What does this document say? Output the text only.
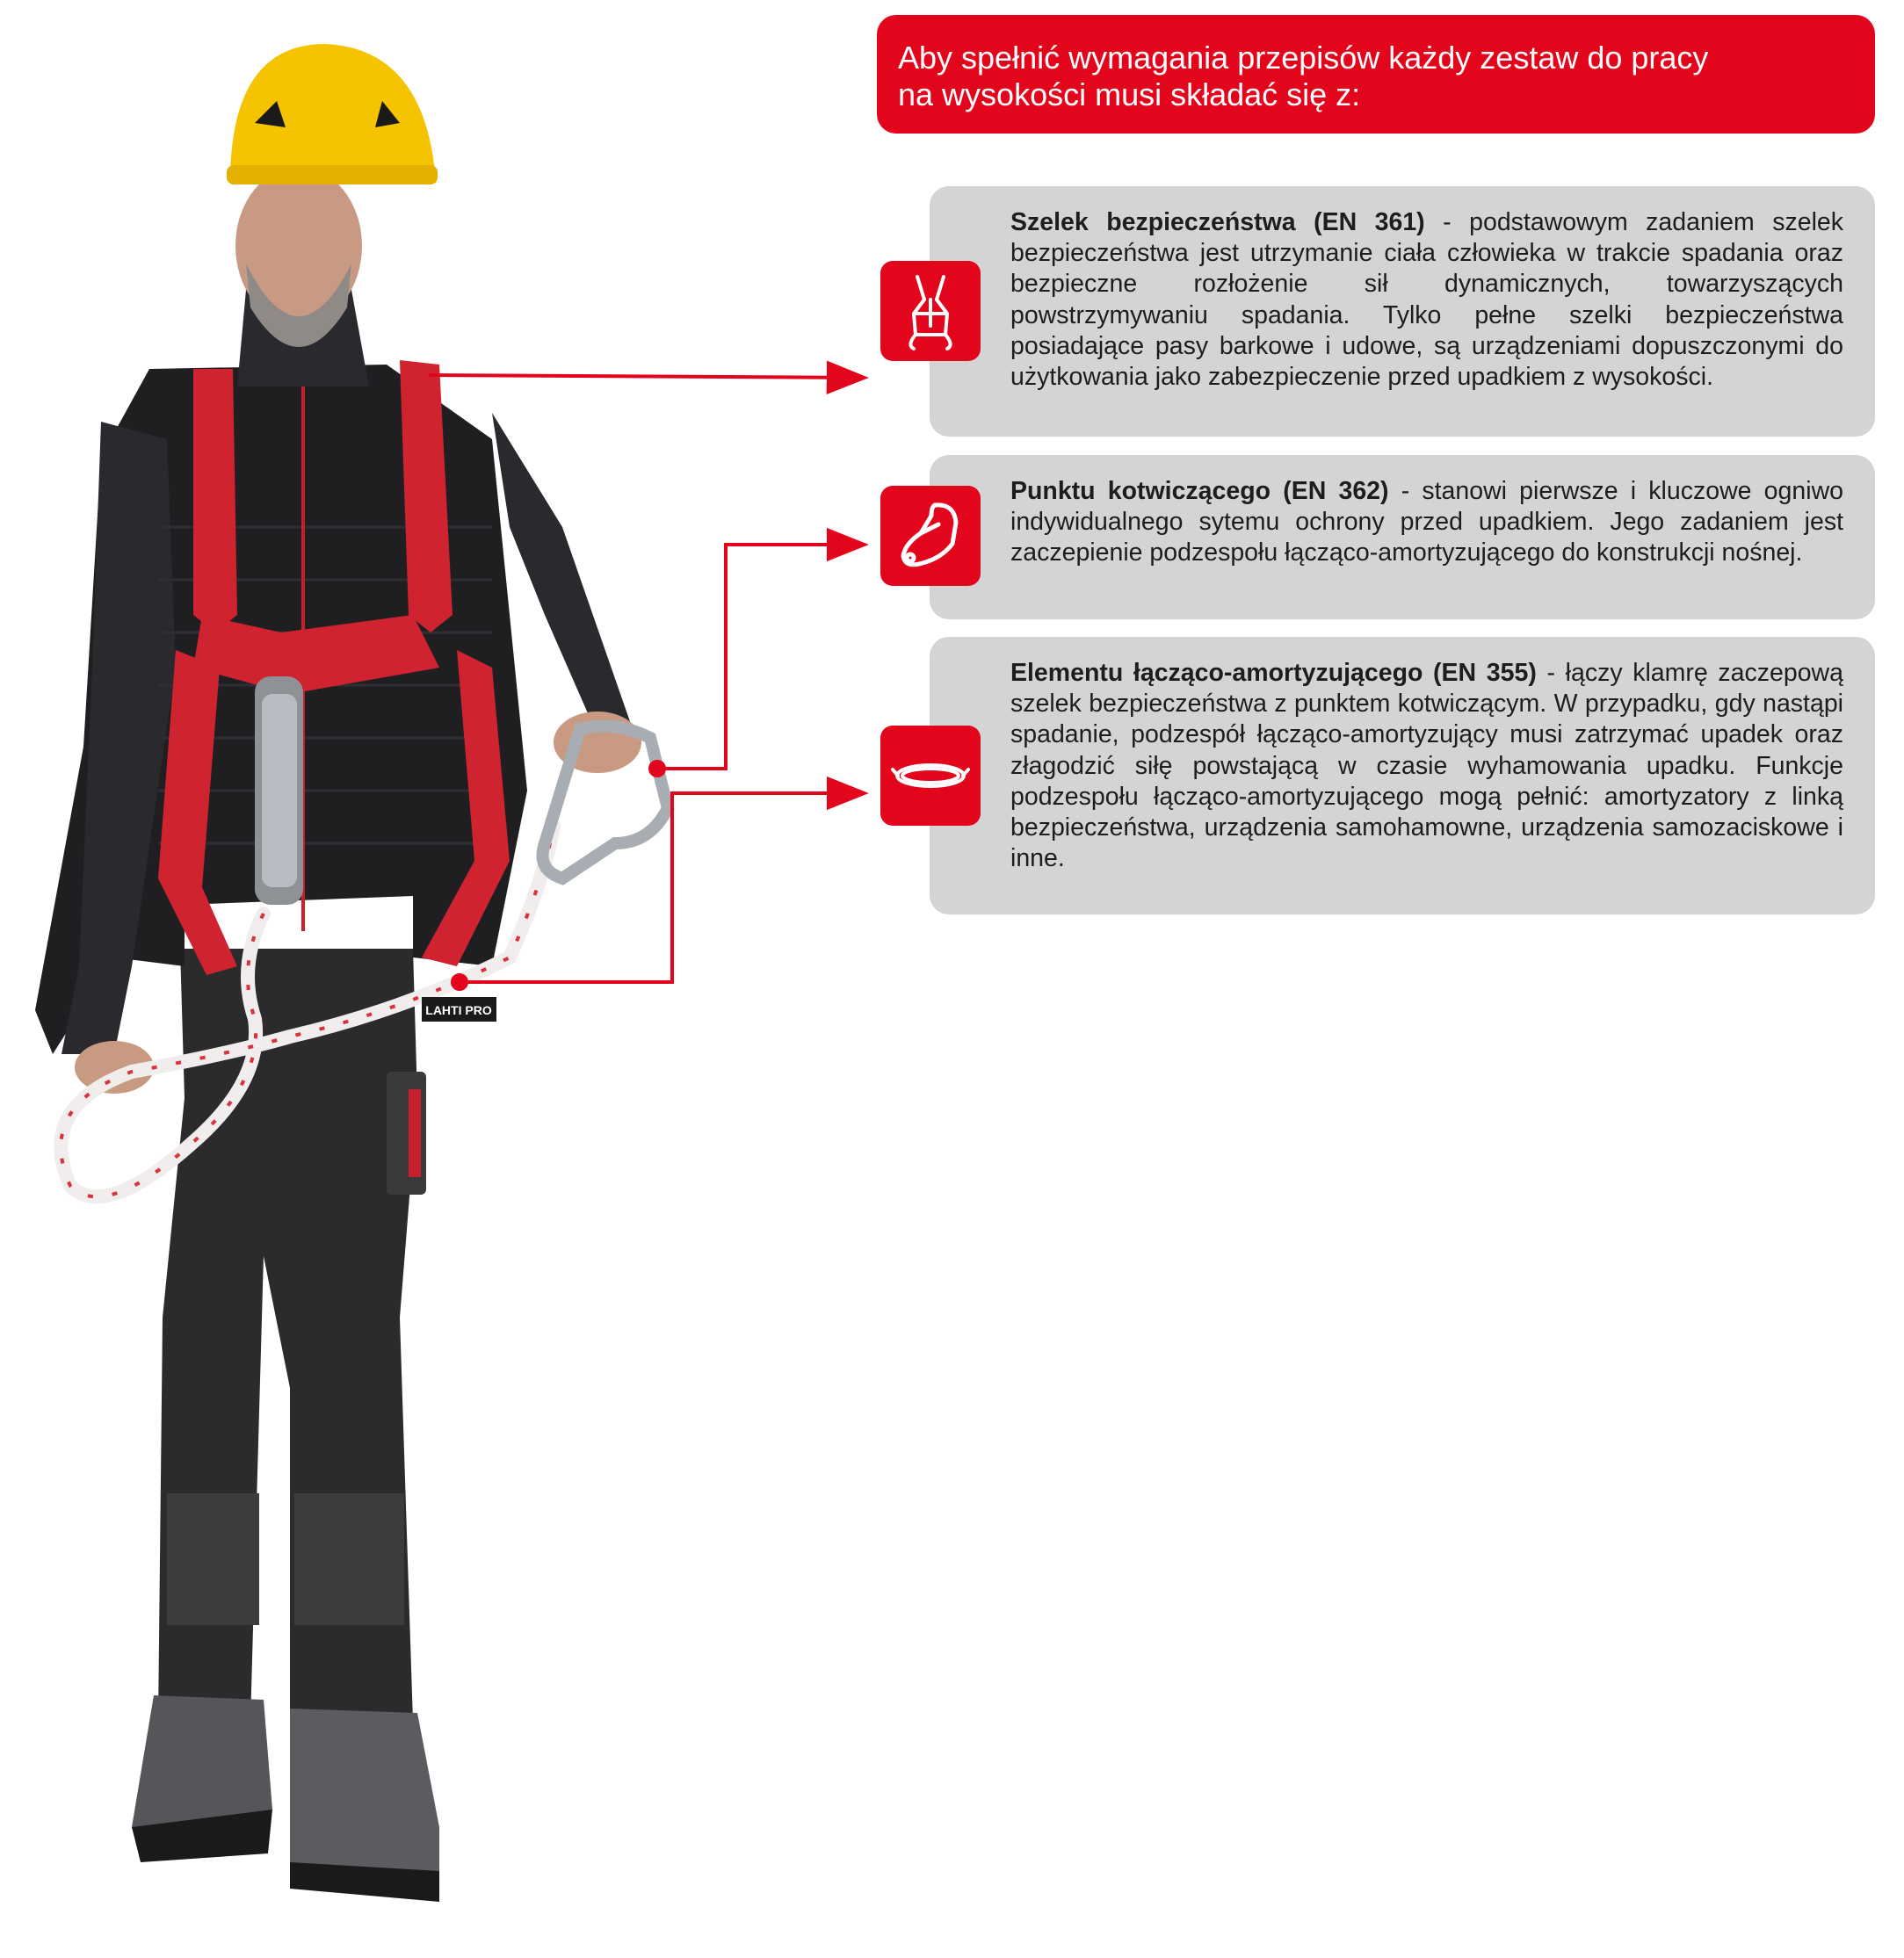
LAHTI PRO
Aby spełnić wymagania przepisów każdy zestaw do pracy
na wysokości musi składać się z:
Szelek bezpieczeństwa (EN 361) - podstawowym zadaniem szelek bezpieczeństwa jest utrzymanie ciała człowieka w trakcie spadania oraz bezpieczne rozłożenie sił dynamicznych, towarzyszących powstrzymywaniu spadania. Tylko pełne szelki bezpieczeństwa posiadające pasy barkowe i udowe, są urządzeniami dopuszczonymi do użytkowania jako zabezpieczenie przed upadkiem z wysokości.
Punktu kotwiczącego (EN 362) - stanowi pierwsze i kluczowe ogniwo indywidualnego sytemu ochrony przed upadkiem. Jego zadaniem jest zaczepienie podzespołu łącząco-amortyzującego do konstrukcji nośnej.
Elementu łącząco-amortyzującego (EN 355) - łączy klamrę zaczepową szelek bezpieczeństwa z punktem kotwiczącym. W przypadku, gdy nastąpi spadanie, podzespół łącząco-amortyzujący musi zatrzymać upadek oraz złagodzić siłę powstającą w czasie wyhamowania upadku. Funkcje podzespołu łącząco-amortyzującego mogą pełnić: amortyzatory z linką bezpieczeństwa, urządzenia samohamowne, urządzenia samozaciskowe i inne.
